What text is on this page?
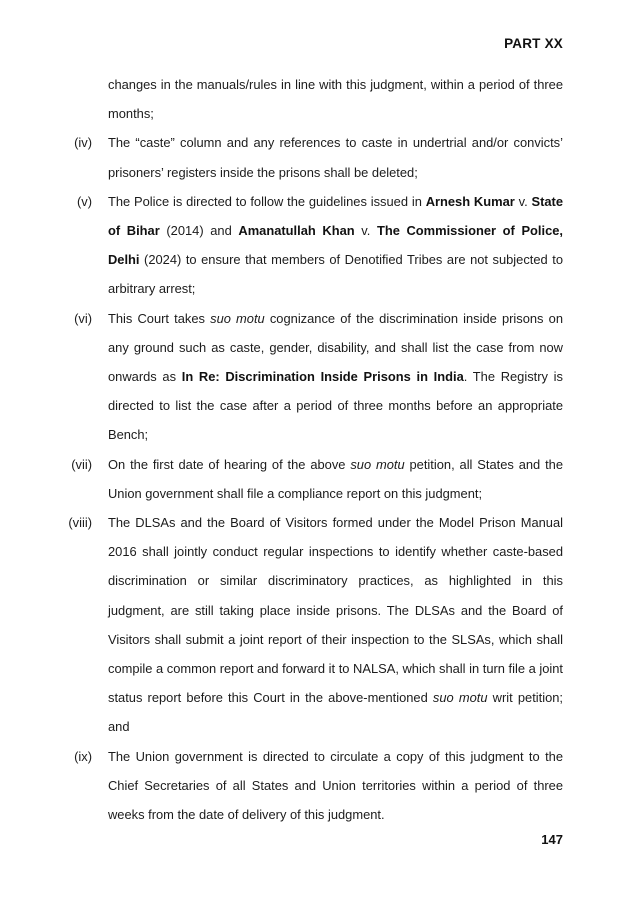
PART XX
changes in the manuals/rules in line with this judgment, within a period of three months;
(iv) The “caste” column and any references to caste in undertrial and/or convicts’ prisoners’ registers inside the prisons shall be deleted;
(v) The Police is directed to follow the guidelines issued in Arnesh Kumar v. State of Bihar (2014) and Amanatullah Khan v. The Commissioner of Police, Delhi (2024) to ensure that members of Denotified Tribes are not subjected to arbitrary arrest;
(vi) This Court takes suo motu cognizance of the discrimination inside prisons on any ground such as caste, gender, disability, and shall list the case from now onwards as In Re: Discrimination Inside Prisons in India. The Registry is directed to list the case after a period of three months before an appropriate Bench;
(vii) On the first date of hearing of the above suo motu petition, all States and the Union government shall file a compliance report on this judgment;
(viii) The DLSAs and the Board of Visitors formed under the Model Prison Manual 2016 shall jointly conduct regular inspections to identify whether caste-based discrimination or similar discriminatory practices, as highlighted in this judgment, are still taking place inside prisons. The DLSAs and the Board of Visitors shall submit a joint report of their inspection to the SLSAs, which shall compile a common report and forward it to NALSA, which shall in turn file a joint status report before this Court in the above-mentioned suo motu writ petition; and
(ix) The Union government is directed to circulate a copy of this judgment to the Chief Secretaries of all States and Union territories within a period of three weeks from the date of delivery of this judgment.
147
